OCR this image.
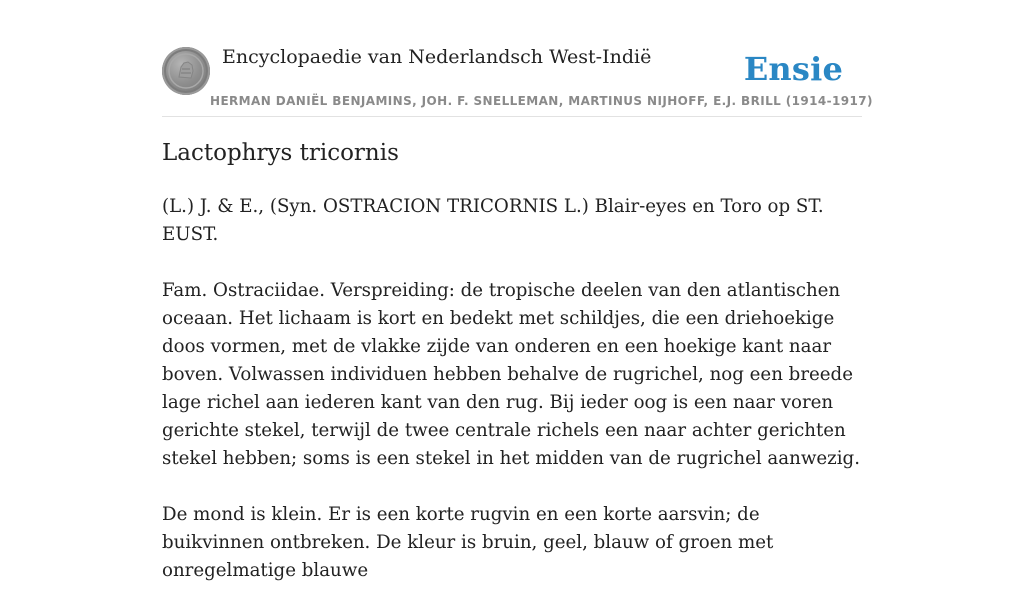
Encyclopaedie van Nederlandsch West-Indië	Ensie
HERMAN DANIËL BENJAMINS, JOH. F. SNELLEMAN, MARTINUS NIJHOFF, E.J. BRILL (1914-1917)
Lactophrys tricornis

(L.) J. & E., (Syn. OSTRACION TRICORNIS L.) Blair-eyes en Toro op ST. EUST.

Fam. Ostraciidae. Verspreiding: de tropische deelen van den atlantischen oceaan. Het lichaam is kort en bedekt met schildjes, die een driehoekige doos vormen, met de vlakke zijde van onderen en een hoekige kant naar boven. Volwassen individuen hebben behalve de rugrichel, nog een breede lage richel aan iederen kant van den rug. Bij ieder oog is een naar voren gerichte stekel, terwijl de twee centrale richels een naar achter gerichten stekel hebben; soms is een stekel in het midden van de rugrichel aanwezig.

De mond is klein. Er is een korte rugvin en een korte aarsvin; de buikvinnen ontbreken. De kleur is bruin, geel, blauw of groen met onregelmatige blauwe
